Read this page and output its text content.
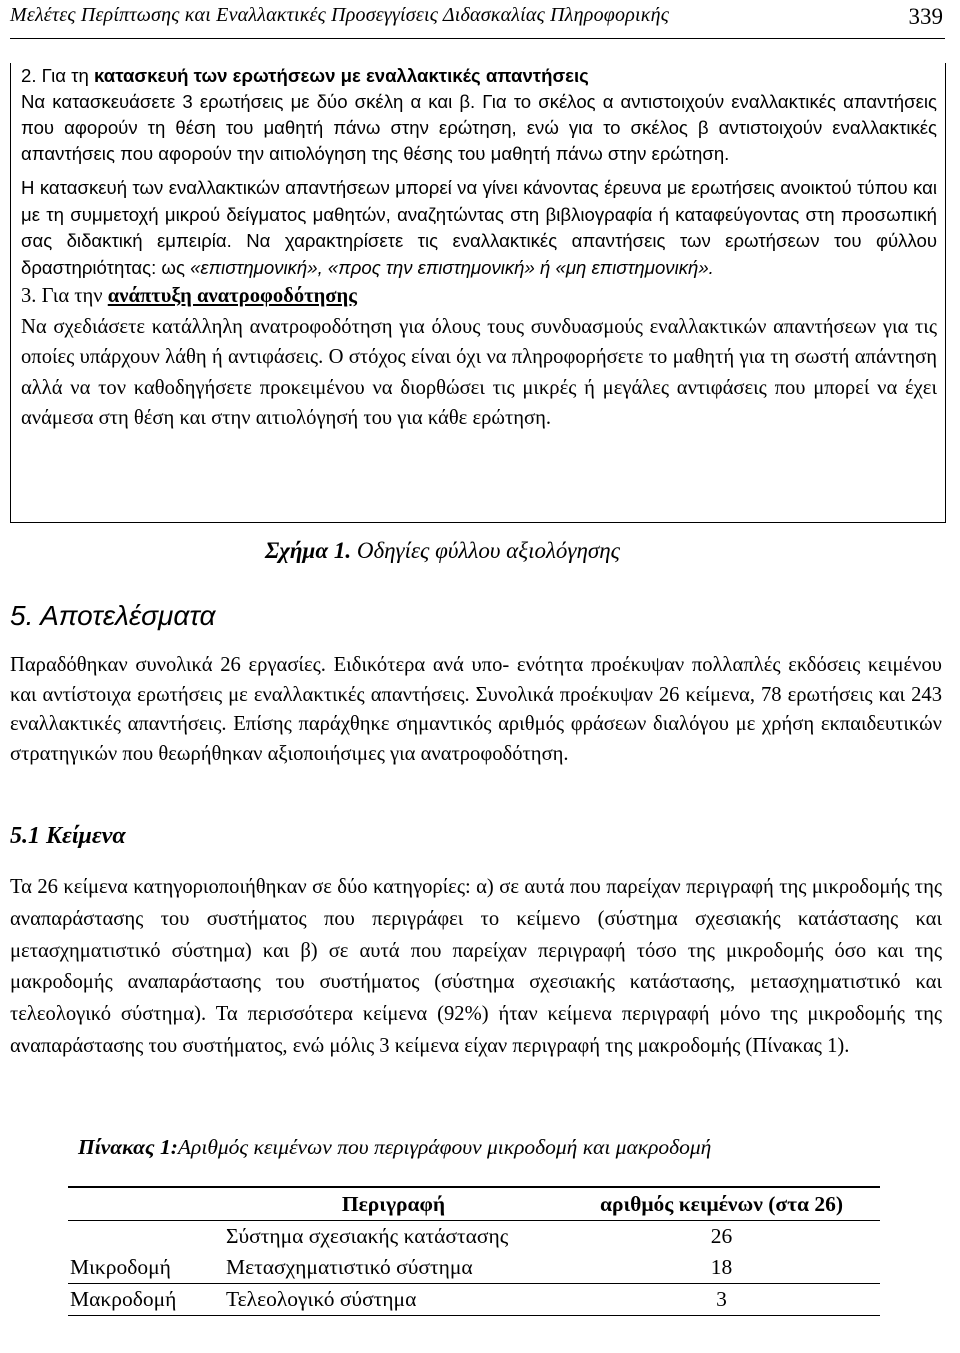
Μελέτες Περίπτωσης και Εναλλακτικές Προσεγγίσεις Διδασκαλίας Πληροφορικής	339

2. Για τη κατασκευή των ερωτήσεων με εναλλακτικές απαντήσεις
Να κατασκευάσετε 3 ερωτήσεις με δύο σκέλη α και β. Για το σκέλος α αντιστοιχούν εναλλακτικές απαντήσεις που αφορούν τη θέση του μαθητή πάνω στην ερώτηση, ενώ για το σκέλος β αντιστοιχούν εναλλακτικές απαντήσεις που αφορούν την αιτιολόγηση της θέσης του μαθητή πάνω στην ερώτηση.

Η κατασκευή των εναλλακτικών απαντήσεων μπορεί να γίνει κάνοντας έρευνα με ερωτήσεις ανοικτού τύπου και με τη συμμετοχή μικρού δείγματος μαθητών, αναζητώντας στη βιβλιογραφία ή καταφεύγοντας στη προσωπική σας διδακτική εμπειρία. Να χαρακτηρίσετε τις εναλλακτικές απαντήσεις των ερωτήσεων του φύλλου δραστηριότητας: ως «επιστημονική», «προς την επιστημονική» ή «μη επιστημονική».

3. Για την ανάπτυξη ανατροφοδότησης
Να σχεδιάσετε κατάλληλη ανατροφοδότηση για όλους τους συνδυασμούς εναλλακτικών απαντήσεων για τις οποίες υπάρχουν λάθη ή αντιφάσεις. Ο στόχος είναι όχι να πληροφορήσετε το μαθητή για τη σωστή απάντηση αλλά να τον καθοδηγήσετε προκειμένου να διορθώσει τις μικρές ή μεγάλες αντιφάσεις που μπορεί να έχει ανάμεσα στη θέση και στην αιτιολόγησή του για κάθε ερώτηση.

Σχήμα 1. Οδηγίες φύλλου αξιολόγησης
5. Αποτελέσματα

Παραδόθηκαν συνολικά 26 εργασίες. Ειδικότερα ανά υπο- ενότητα προέκυψαν πολλαπλές εκδόσεις κειμένου και αντίστοιχα ερωτήσεις με εναλλακτικές απαντήσεις. Συνολικά προέκυψαν 26 κείμενα, 78 ερωτήσεις και 243 εναλλακτικές απαντήσεις. Επίσης παράχθηκε σημαντικός αριθμός φράσεων διαλόγου με χρήση εκπαιδευτικών στρατηγικών που θεωρήθηκαν αξιοποιήσιμες για ανατροφοδότηση.

5.1 Κείμενα

Τα 26 κείμενα κατηγοριοποιήθηκαν σε δύο κατηγορίες: α) σε αυτά που παρείχαν περιγραφή της μικροδομής της αναπαράστασης του συστήματος που περιγράφει το κείμενο (σύστημα σχεσιακής κατάστασης και μετασχηματιστικό σύστημα) και β) σε αυτά που παρείχαν περιγραφή τόσο της μικροδομής όσο και της μακροδομής αναπαράστασης του συστήματος (σύστημα σχεσιακής κατάστασης, μετασχηματιστικό και τελεολογικό σύστημα). Τα περισσότερα κείμενα (92%) ήταν κείμενα περιγραφή μόνο της μικροδομής της αναπαράστασης του συστήματος, ενώ μόλις 3 κείμενα είχαν περιγραφή της μακροδομής (Πίνακας 1).

Πίνακας 1:Αριθμός κειμένων που περιγράφουν μικροδομή και μακροδομή
	Περιγραφή	αριθμός κειμένων (στα 26)
Μικροδομή	Σύστημα σχεσιακής κατάστασης	26
	Μετασχηματιστικό σύστημα	18
Μακροδομή	Τελεολογικό σύστημα	3
